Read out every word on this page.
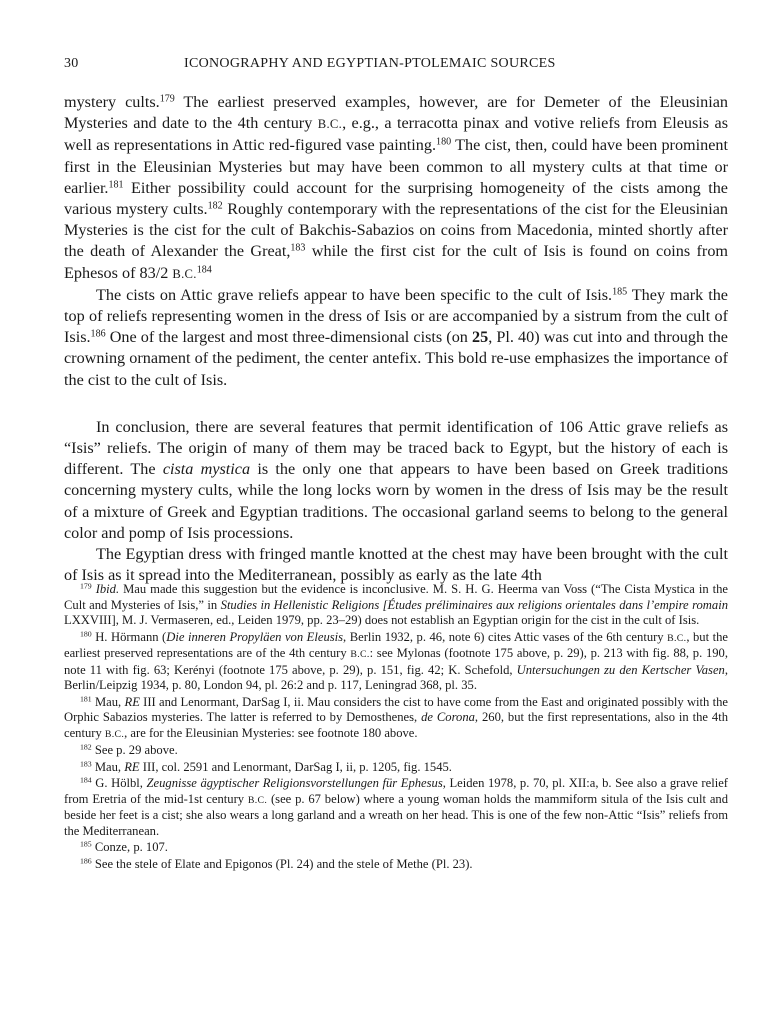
30	ICONOGRAPHY AND EGYPTIAN-PTOLEMAIC SOURCES

mystery cults.$^{179}$ The earliest preserved examples, however, are for Demeter of the Eleusinian Mysteries and date to the 4th century B.C., e.g., a terracotta pinax and votive reliefs from Eleusis as well as representations in Attic red-figured vase painting.$^{180}$ The cist, then, could have been prominent first in the Eleusinian Mysteries but may have been common to all mystery cults at that time or earlier.$^{181}$ Either possibility could account for the surprising homogeneity of the cists among the various mystery cults.$^{182}$ Roughly contemporary with the representations of the cist for the Eleusinian Mysteries is the cist for the cult of Bakchis-Sabazios on coins from Macedonia, minted shortly after the death of Alexander the Great,$^{183}$ while the first cist for the cult of Isis is found on coins from Ephesos of 83/2 B.C.$^{184}$

The cists on Attic grave reliefs appear to have been specific to the cult of Isis.$^{185}$ They mark the top of reliefs representing women in the dress of Isis or are accompanied by a sistrum from the cult of Isis.$^{186}$ One of the largest and most three-dimensional cists (on 25, Pl. 40) was cut into and through the crowning ornament of the pediment, the center antefix. This bold re-use emphasizes the importance of the cist to the cult of Isis.

In conclusion, there are several features that permit identification of 106 Attic grave reliefs as “Isis” reliefs. The origin of many of them may be traced back to Egypt, but the history of each is different. The cista mystica is the only one that appears to have been based on Greek traditions concerning mystery cults, while the long locks worn by women in the dress of Isis may be the result of a mixture of Greek and Egyptian traditions. The occasional garland seems to belong to the general color and pomp of Isis processions.

The Egyptian dress with fringed mantle knotted at the chest may have been brought with the cult of Isis as it spread into the Mediterranean, possibly as early as the late 4th

$^{179}$ Ibid. Mau made this suggestion but the evidence is inconclusive. M. S. H. G. Heerma van Voss (“The Cista Mystica in the Cult and Mysteries of Isis,” in Studies in Hellenistic Religions [Études préliminaires aux religions orientales dans l’empire romain LXXVIII], M. J. Vermaseren, ed., Leiden 1979, pp. 23–29) does not establish an Egyptian origin for the cist in the cult of Isis.

$^{180}$ H. Hörmann (Die inneren Propyläen von Eleusis, Berlin 1932, p. 46, note 6) cites Attic vases of the 6th century B.C., but the earliest preserved representations are of the 4th century B.C.: see Mylonas (footnote 175 above, p. 29), p. 213 with fig. 88, p. 190, note 11 with fig. 63; Kerényi (footnote 175 above, p. 29), p. 151, fig. 42; K. Schefold, Untersuchungen zu den Kertscher Vasen, Berlin/Leipzig 1934, p. 80, London 94, pl. 26:2 and p. 117, Leningrad 368, pl. 35.

$^{181}$ Mau, RE III and Lenormant, DarSag I, ii. Mau considers the cist to have come from the East and originated possibly with the Orphic Sabazios mysteries. The latter is referred to by Demosthenes, de Corona, 260, but the first representations, also in the 4th century B.C., are for the Eleusinian Mysteries: see footnote 180 above.

$^{182}$ See p. 29 above.

$^{183}$ Mau, RE III, col. 2591 and Lenormant, DarSag I, ii, p. 1205, fig. 1545.

$^{184}$ G. Hölbl, Zeugnisse ägyptischer Religionsvorstellungen für Ephesus, Leiden 1978, p. 70, pl. XII:a, b. See also a grave relief from Eretria of the mid-1st century B.C. (see p. 67 below) where a young woman holds the mammiform situla of the Isis cult and beside her feet is a cist; she also wears a long garland and a wreath on her head. This is one of the few non-Attic “Isis” reliefs from the Mediterranean.

$^{185}$ Conze, p. 107.

$^{186}$ See the stele of Elate and Epigonos (Pl. 24) and the stele of Methe (Pl. 23).
